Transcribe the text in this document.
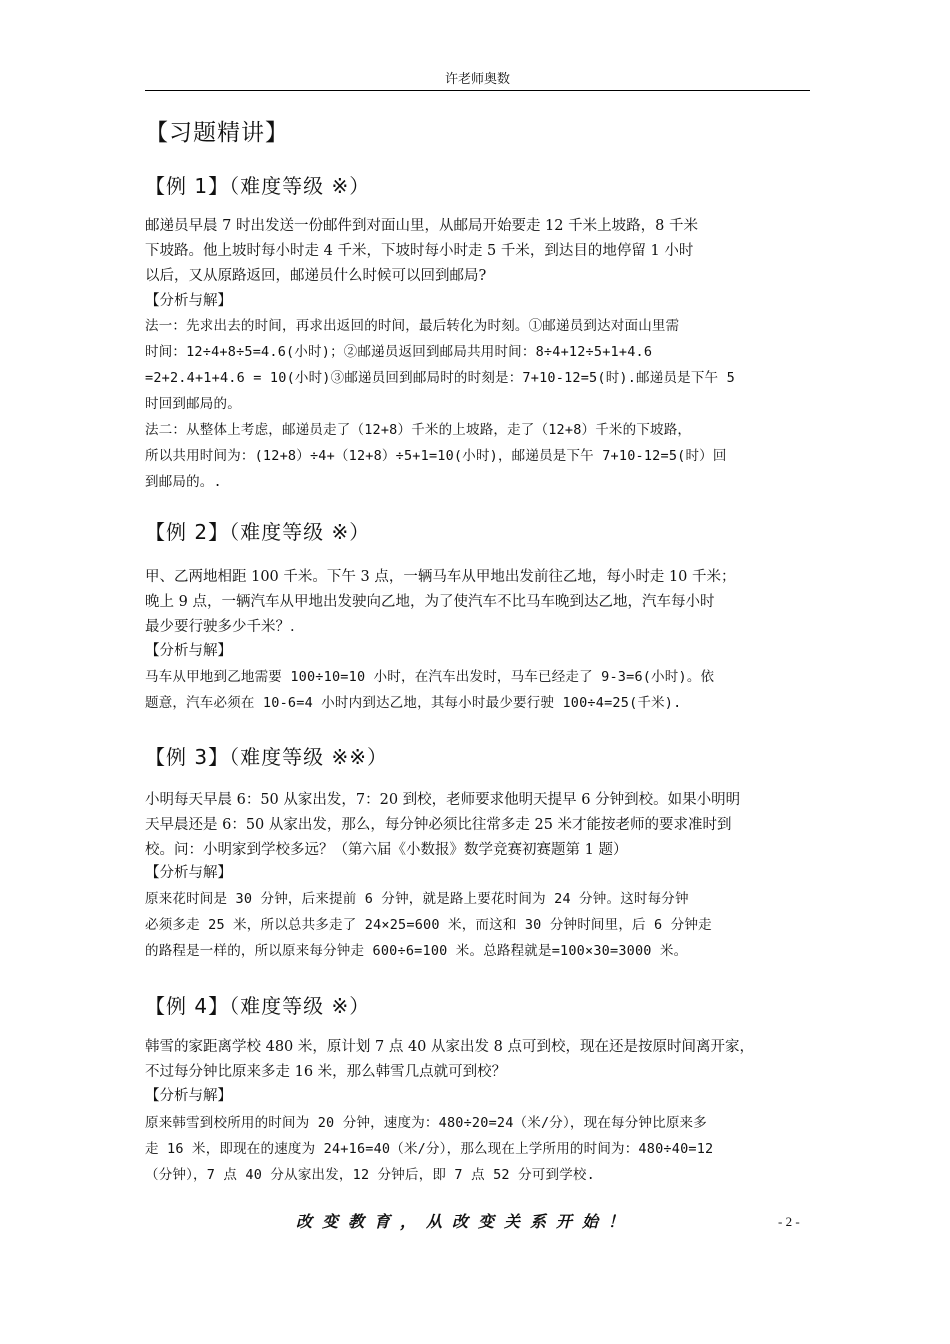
许老师奥数
【习题精讲】
【例 1】（难度等级 ※）

邮递员早晨 7 时出发送一份邮件到对面山里，从邮局开始要走 12 千米上坡路，8 千米

下坡路。他上坡时每小时走 4 千米，下坡时每小时走 5 千米，到达目的地停留 1 小时

以后，又从原路返回，邮递员什么时候可以回到邮局?

【分析与解】

法一：先求出去的时间，再求出返回的时间，最后转化为时刻。①邮递员到达对面山里需

时间：12÷4+8÷5=4.6(小时)；②邮递员返回到邮局共用时间：8÷4+12÷5+1+4.6

=2+2.4+1+4.6 = 10(小时)③邮递员回到邮局时的时刻是：7+10-12=5(时).邮递员是下午 5

时回到邮局的。

法二：从整体上考虑，邮递员走了（12+8）千米的上坡路，走了（12+8）千米的下坡路，

所以共用时间为：(12+8）÷4+（12+8）÷5+1=10(小时)，邮递员是下午 7+10-12=5(时）回

到邮局的。.

【例 2】（难度等级 ※）

甲、乙两地相距 100 千米。下午 3 点，一辆马车从甲地出发前往乙地，每小时走 10 千米；

晚上 9 点，一辆汽车从甲地出发驶向乙地，为了使汽车不比马车晚到达乙地，汽车每小时

最少要行驶多少千米？.

【分析与解】

马车从甲地到乙地需要 100÷10=10 小时，在汽车出发时，马车已经走了 9-3=6(小时)。依

题意，汽车必须在 10-6=4 小时内到达乙地，其每小时最少要行驶 100÷4=25(千米).

【例 3】（难度等级 ※※）

小明每天早晨 6：50 从家出发，7：20 到校，老师要求他明天提早 6 分钟到校。如果小明明

天早晨还是 6：50 从家出发，那么，每分钟必须比往常多走 25 米才能按老师的要求准时到

校。问：小明家到学校多远？（第六届《小数报》数学竞赛初赛题第 1 题）

【分析与解】

原来花时间是 30 分钟，后来提前 6 分钟，就是路上要花时间为 24 分钟。这时每分钟

必须多走 25 米，所以总共多走了 24×25=600 米，而这和 30 分钟时间里，后 6 分钟走

的路程是一样的，所以原来每分钟走 600÷6=100 米。总路程就是=100×30=3000 米。

【例 4】（难度等级 ※）

韩雪的家距离学校 480 米，原计划 7 点 40 从家出发 8 点可到校，现在还是按原时间离开家，

不过每分钟比原来多走 16 米，那么韩雪几点就可到校？

【分析与解】

原来韩雪到校所用的时间为 20 分钟，速度为：480÷20=24（米/分），现在每分钟比原来多

走 16 米，即现在的速度为 24+16=40（米/分），那么现在上学所用的时间为：480÷40=12

（分钟），7 点 40 分从家出发，12 分钟后，即 7 点 52 分可到学校.

改变教育，从改变关系开始！	- 2 -
